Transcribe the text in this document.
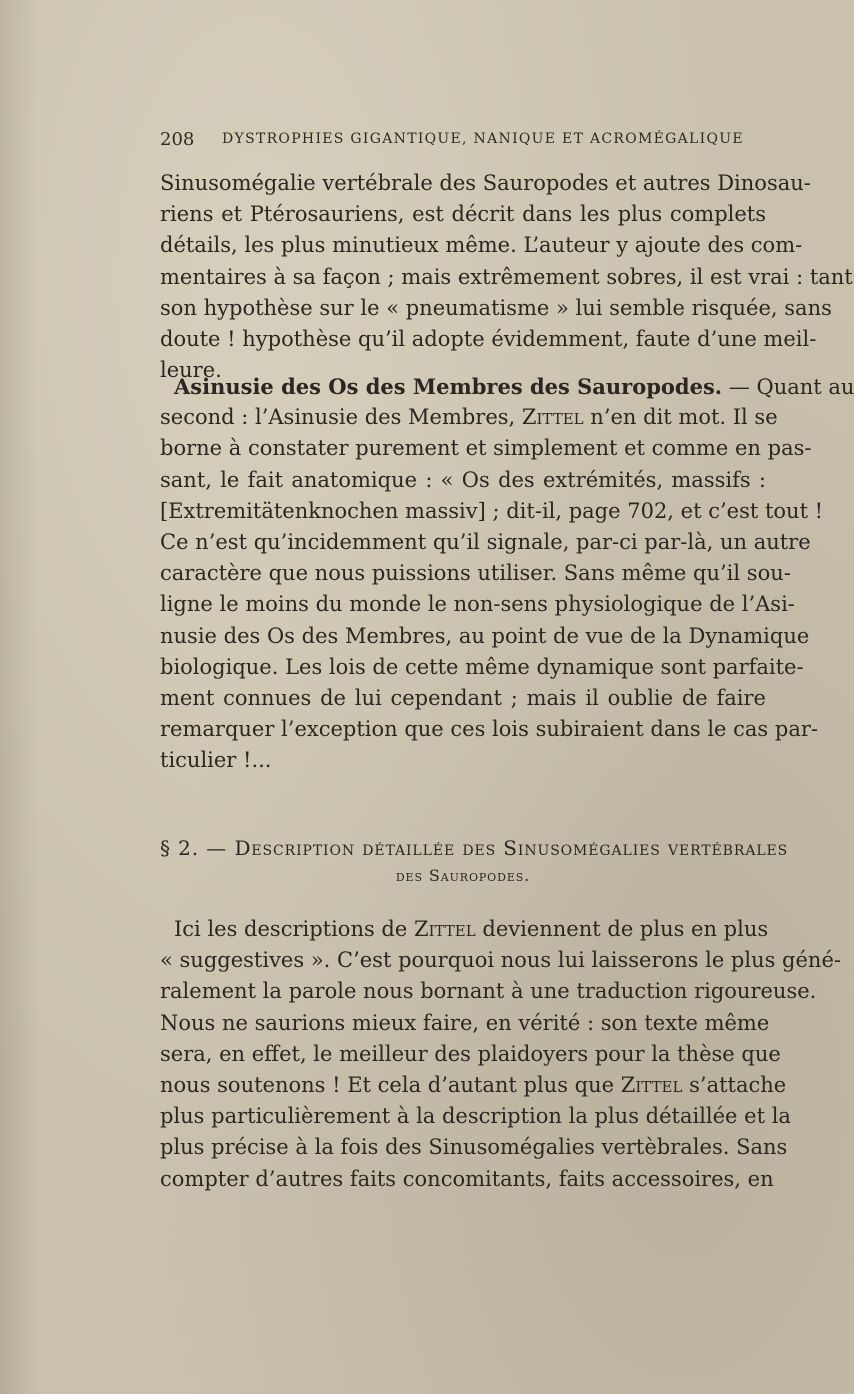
208 DYSTROPHIES GIGANTIQUE, NANIQUE ET ACROMÉGALIQUE
Sinusomégalie vertébrale des Sauropodes et autres Dinosau-
riens et Ptérosauriens, est décrit dans les plus complets
détails, les plus minutieux même. L’auteur y ajoute des com-
mentaires à sa façon ; mais extrêmement sobres, il est vrai : tant
son hypothèse sur le « pneumatisme » lui semble risquée, sans
doute ! hypothèse qu’il adopte évidemment, faute d’une meil-
leure.
Asinusie des Os des Membres des Sauropodes. — Quant au
second : l’Asinusie des Membres, Zittel n’en dit mot. Il se
borne à constater purement et simplement et comme en pas-
sant, le fait anatomique : « Os des extrémités, massifs :
[Extremitätenknochen massiv] ; dit-il, page 702, et c’est tout !
Ce n’est qu’incidemment qu’il signale, par-ci par-là, un autre
caractère que nous puissions utiliser. Sans même qu’il sou-
ligne le moins du monde le non-sens physiologique de l’Asi-
nusie des Os des Membres, au point de vue de la Dynamique
biologique. Les lois de cette même dynamique sont parfaite-
ment connues de lui cependant ; mais il oublie de faire
remarquer l’exception que ces lois subiraient dans le cas par-
ticulier !...
§ 2. — Description détaillée des Sinusomégalies vertébrales
des Sauropodes.
Ici les descriptions de Zittel deviennent de plus en plus
« suggestives ». C’est pourquoi nous lui laisserons le plus géné-
ralement la parole nous bornant à une traduction rigoureuse.
Nous ne saurions mieux faire, en vérité : son texte même
sera, en effet, le meilleur des plaidoyers pour la thèse que
nous soutenons ! Et cela d’autant plus que Zittel s’attache
plus particulièrement à la description la plus détaillée et la
plus précise à la fois des Sinusomégalies vertèbrales. Sans
compter d’autres faits concomitants, faits accessoires, en
